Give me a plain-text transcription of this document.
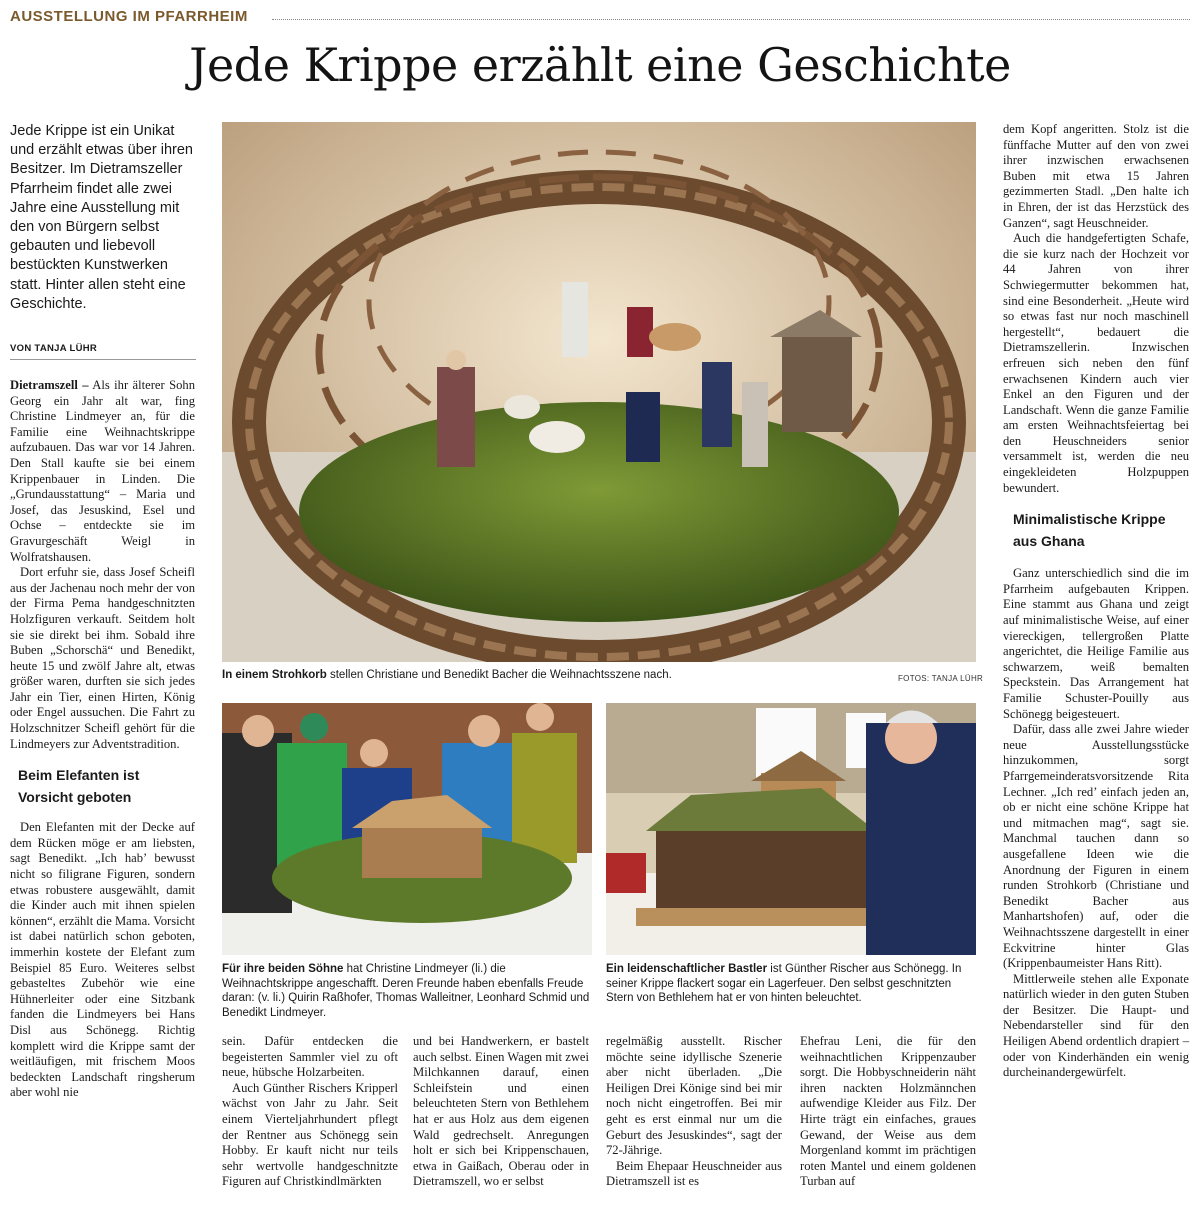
AUSSTELLUNG IM PFARRHEIM
Jede Krippe erzählt eine Geschichte

Jede Krippe ist ein Unikat und erzählt etwas über ihren Besitzer. Im Dietramszeller Pfarrheim findet alle zwei Jahre eine Ausstellung mit den von Bürgern selbst gebauten und liebevoll bestückten Kunstwerken statt. Hinter allen steht eine Geschichte.

VON TANJA LÜHR

Dietramszell – Als ihr älterer Sohn Georg ein Jahr alt war, fing Christine Lindmeyer an, für die Familie eine Weihnachtskrippe aufzubauen. Das war vor 14 Jahren. Den Stall kaufte sie bei einem Krippenbauer in Linden. Die „Grundausstattung“ – Maria und Josef, das Jesuskind, Esel und Ochse – entdeckte sie im Gravurgeschäft Weigl in Wolfratshausen.

Dort erfuhr sie, dass Josef Scheifl aus der Jachenau noch mehr der von der Firma Pema handgeschnitzten Holzfiguren verkauft. Seitdem holt sie sie direkt bei ihm. Sobald ihre Buben „Schorschä“ und Benedikt, heute 15 und zwölf Jahre alt, etwas größer waren, durften sie sich jedes Jahr ein Tier, einen Hirten, König oder Engel aussuchen. Die Fahrt zu Holzschnitzer Scheifl gehört für die Lindmeyers zur Adventstradition.

Beim Elefanten ist Vorsicht geboten

Den Elefanten mit der Decke auf dem Rücken möge er am liebsten, sagt Benedikt. „Ich hab’ bewusst nicht so filigrane Figuren, sondern etwas robustere ausgewählt, damit die Kinder auch mit ihnen spielen können“, erzählt die Mama. Vorsicht ist dabei natürlich schon geboten, immerhin kostete der Elefant zum Beispiel 85 Euro. Weiteres selbst gebasteltes Zubehör wie eine Hühnerleiter oder eine Sitzbank fanden die Lindmeyers bei Hans Disl aus Schönegg. Richtig komplett wird die Krippe samt der weitläufigen, mit frischem Moos bedeckten Landschaft ringsherum aber wohl nie

In einem Strohkorb stellen Christiane und Benedikt Bacher die Weihnachtsszene nach.	FOTOS: TANJA LÜHR
Für ihre beiden Söhne hat Christine Lindmeyer (li.) die Weihnachtskrippe angeschafft. Deren Freunde haben ebenfalls Freude daran: (v. li.) Quirin Raßhofer, Thomas Walleitner, Leonhard Schmid und Benedikt Lindmeyer.
Ein leidenschaftlicher Bastler ist Günther Rischer aus Schönegg. In seiner Krippe flackert sogar ein Lagerfeuer. Den selbst geschnitzten Stern von Bethlehem hat er von hinten beleuchtet.

sein. Dafür entdecken die begeisterten Sammler viel zu oft neue, hübsche Holzarbeiten.

Auch Günther Rischers Kripperl wächst von Jahr zu Jahr. Seit einem Vierteljahrhundert pflegt der Rentner aus Schönegg sein Hobby. Er kauft nicht nur teils sehr wertvolle handgeschnitzte Figuren auf Christkindlmärkten

und bei Handwerkern, er bastelt auch selbst. Einen Wagen mit zwei Milchkannen darauf, einen Schleifstein und einen beleuchteten Stern von Bethlehem hat er aus Holz aus dem eigenen Wald gedrechselt. Anregungen holt er sich bei Krippenschauen, etwa in Gaißach, Oberau oder in Dietramszell, wo er selbst

regelmäßig ausstellt. Rischer möchte seine idyllische Szenerie aber nicht überladen. „Die Heiligen Drei Könige sind bei mir noch nicht eingetroffen. Bei mir geht es erst einmal nur um die Geburt des Jesuskindes“, sagt der 72-Jährige.

Beim Ehepaar Heuschneider aus Dietramszell ist es

Ehefrau Leni, die für den weihnachtlichen Krippenzauber sorgt. Die Hobbyschneiderin näht ihren nackten Holzmännchen aufwendige Kleider aus Filz. Der Hirte trägt ein einfaches, graues Gewand, der Weise aus dem Morgenland kommt im prächtigen roten Mantel und einem goldenen Turban auf

dem Kopf angeritten. Stolz ist die fünffache Mutter auf den von zwei ihrer inzwischen erwachsenen Buben mit etwa 15 Jahren gezimmerten Stadl. „Den halte ich in Ehren, der ist das Herzstück des Ganzen“, sagt Heuschneider.

Auch die handgefertigten Schafe, die sie kurz nach der Hochzeit vor 44 Jahren von ihrer Schwiegermutter bekommen hat, sind eine Besonderheit. „Heute wird so etwas fast nur noch maschinell hergestellt“, bedauert die Dietramszellerin. Inzwischen erfreuen sich neben den fünf erwachsenen Kindern auch vier Enkel an den Figuren und der Landschaft. Wenn die ganze Familie am ersten Weihnachtsfeiertag bei den Heuschneiders senior versammelt ist, werden die neu eingekleideten Holzpuppen bewundert.

Minimalistische Krippe aus Ghana

Ganz unterschiedlich sind die im Pfarrheim aufgebauten Krippen. Eine stammt aus Ghana und zeigt auf minimalistische Weise, auf einer viereckigen, tellergroßen Platte angerichtet, die Heilige Familie aus schwarzem, weiß bemalten Speckstein. Das Arrangement hat Familie Schuster-Pouilly aus Schönegg beigesteuert.

Dafür, dass alle zwei Jahre wieder neue Ausstellungsstücke hinzukommen, sorgt Pfarrgemeinderatsvorsitzende Rita Lechner. „Ich red’ einfach jeden an, ob er nicht eine schöne Krippe hat und mitmachen mag“, sagt sie. Manchmal tauchen dann so ausgefallene Ideen wie die Anordnung der Figuren in einem runden Strohkorb (Christiane und Benedikt Bacher aus Manhartshofen) auf, oder die Weihnachtsszene dargestellt in einer Eckvitrine hinter Glas (Krippenbaumeister Hans Ritt).

Mittlerweile stehen alle Exponate natürlich wieder in den guten Stuben der Besitzer. Die Haupt- und Nebendarsteller sind für den Heiligen Abend ordentlich drapiert – oder von Kinderhänden ein wenig durcheinandergewürfelt.
